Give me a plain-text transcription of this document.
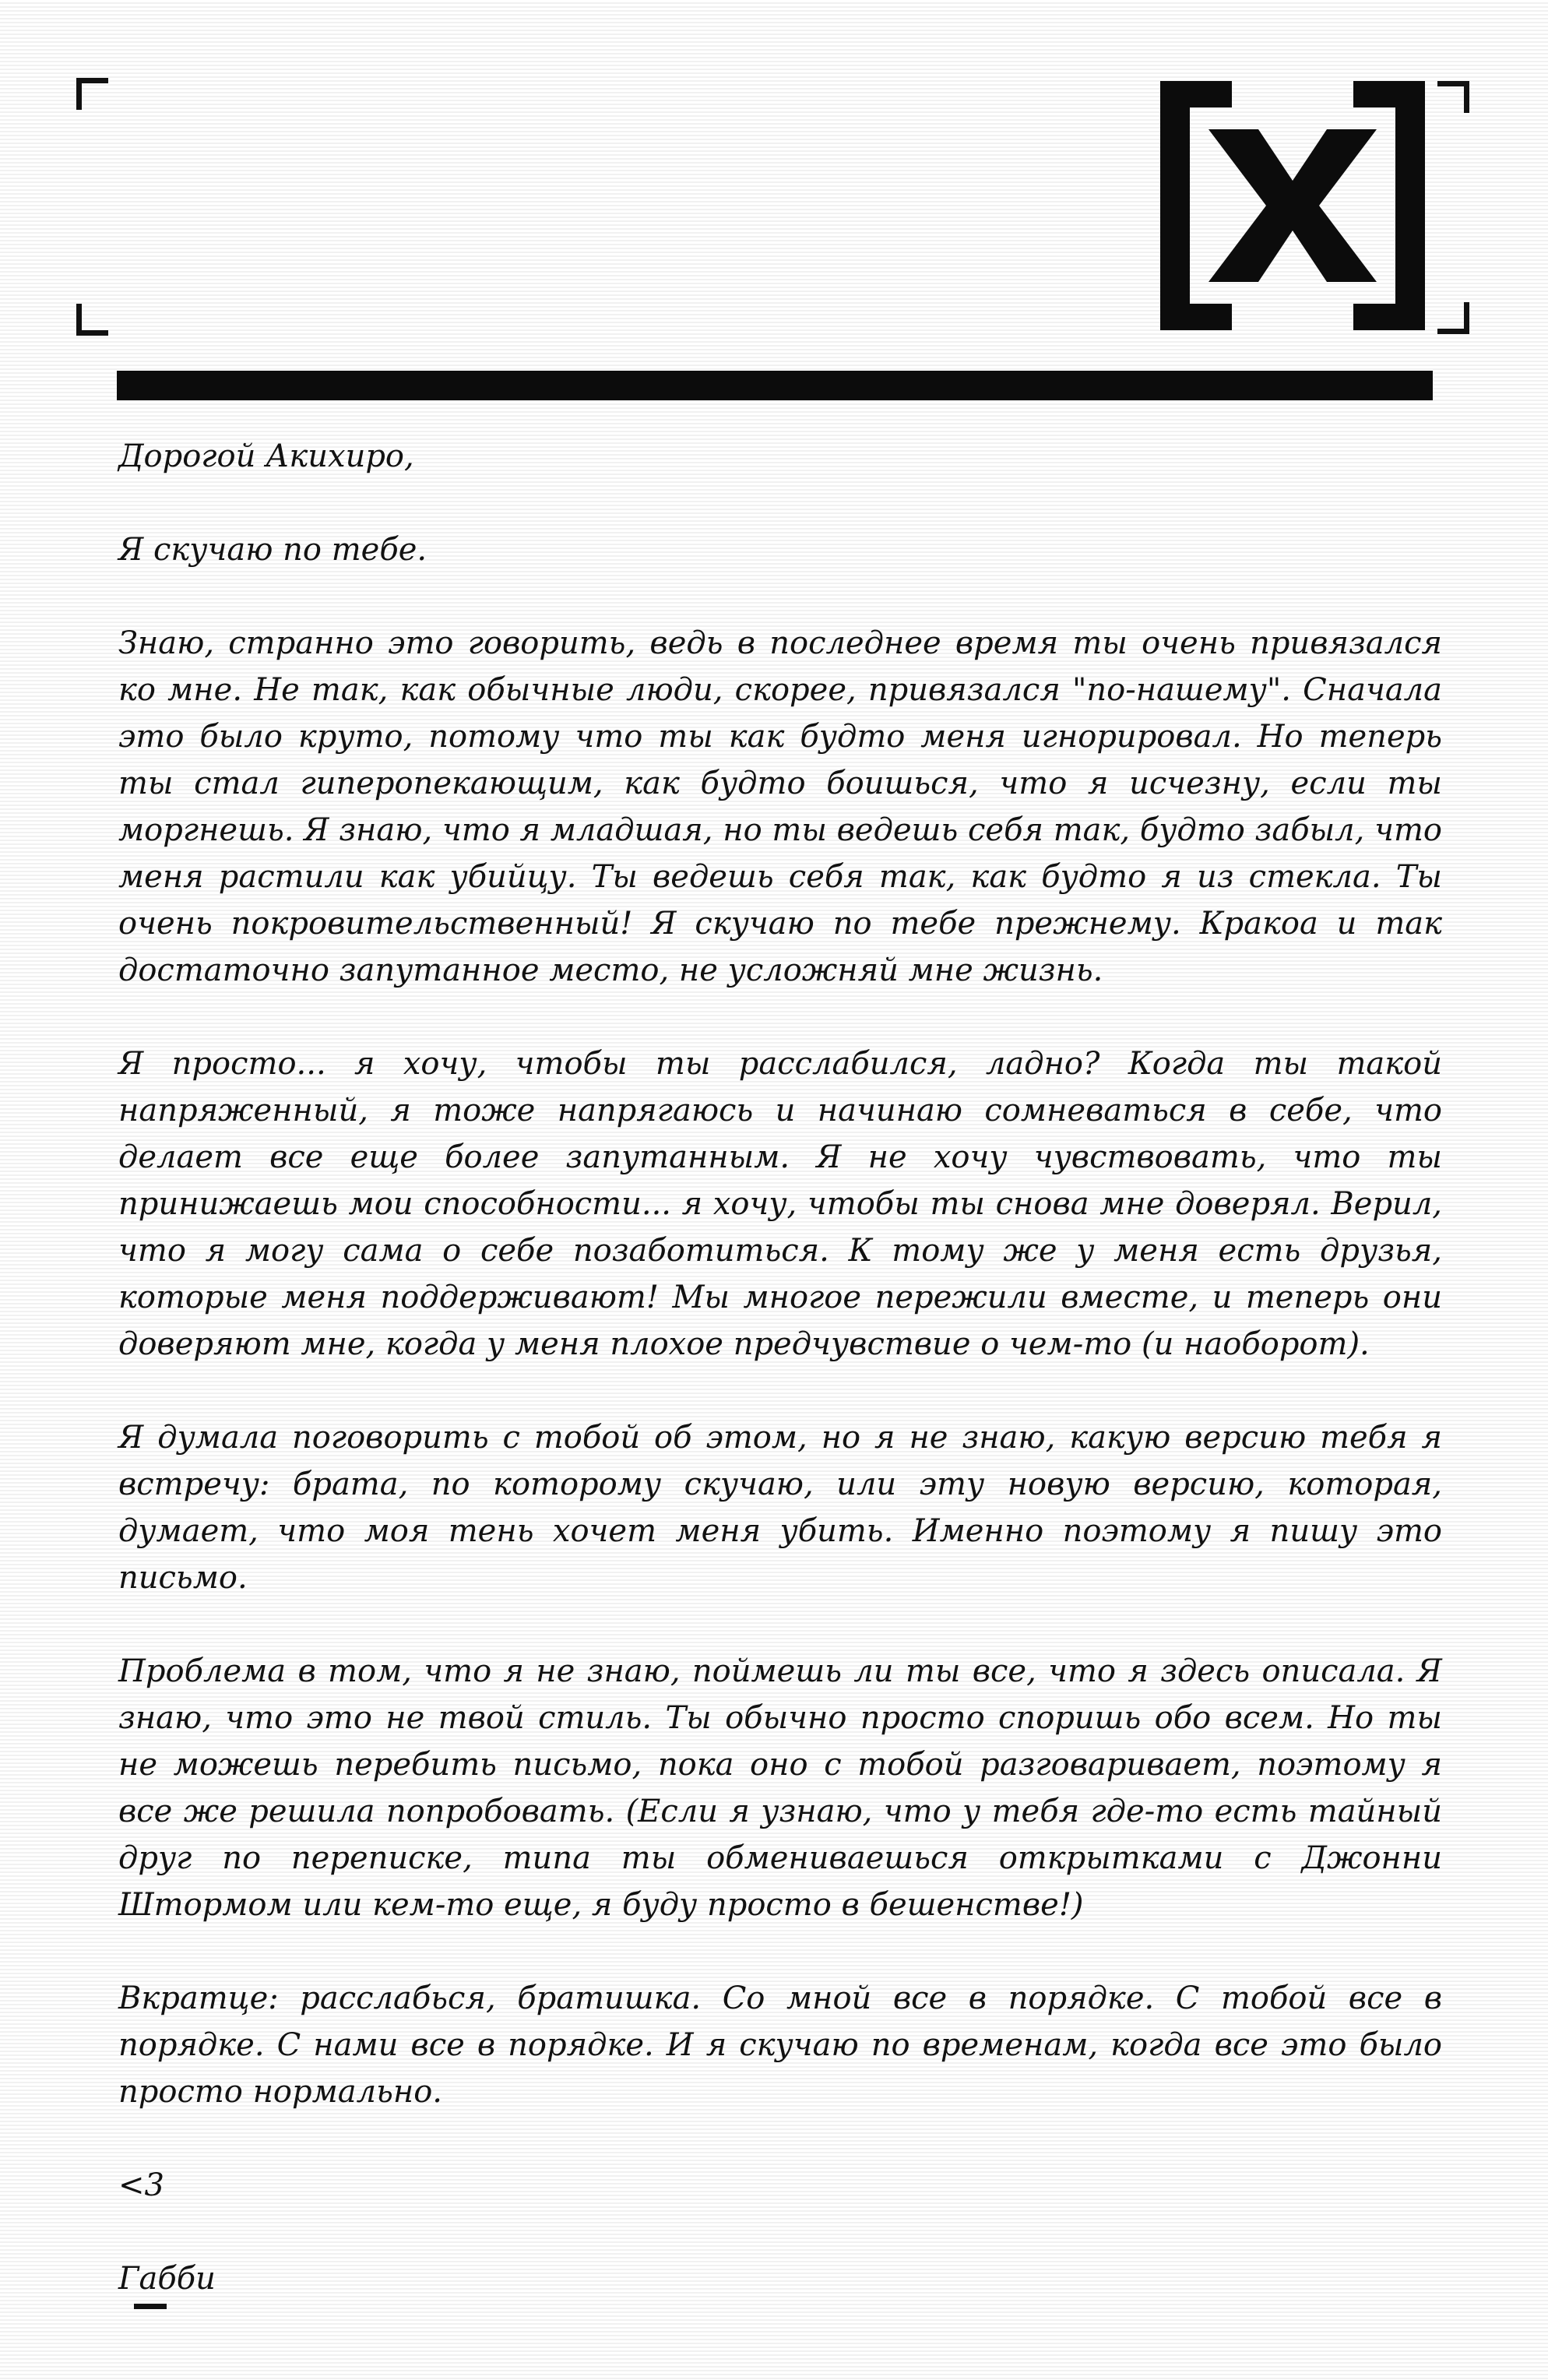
Дорогой Акихиро,

Я скучаю по тебе.

Знаю, странно это говорить, ведь в последнее время ты очень привязался ко мне. Не так, как обычные люди, скорее, привязался "по-нашему". Сначала это было круто, потому что ты как будто меня игнорировал. Но теперь ты стал гиперопекающим, как будто боишься, что я исчезну, если ты моргнешь. Я знаю, что я младшая, но ты ведешь себя так, будто забыл, что меня растили как убийцу. Ты ведешь себя так, как будто я из стекла. Ты очень покровительственный! Я скучаю по тебе прежнему. Кракоа и так достаточно запутанное место, не усложняй мне жизнь.

Я просто... я хочу, чтобы ты расслабился, ладно? Когда ты такой напряженный, я тоже напрягаюсь и начинаю сомневаться в себе, что делает все еще более запутанным. Я не хочу чувствовать, что ты принижаешь мои способности... я хочу, чтобы ты снова мне доверял. Верил, что я могу сама о себе позаботиться. К тому же у меня есть друзья, которые меня поддерживают! Мы многое пережили вместе, и теперь они доверяют мне, когда у меня плохое предчувствие о чем-то (и наоборот).

Я думала поговорить с тобой об этом, но я не знаю, какую версию тебя я встречу: брата, по которому скучаю, или эту новую версию, которая, думает, что моя тень хочет меня убить. Именно поэтому я пишу это письмо.

Проблема в том, что я не знаю, поймешь ли ты все, что я здесь описала. Я знаю, что это не твой стиль. Ты обычно просто споришь обо всем. Но ты не можешь перебить письмо, пока оно с тобой разговаривает, поэтому я все же решила попробовать. (Если я узнаю, что у тебя где-то есть тайный друг по переписке, типа ты обмениваешься открытками с Джонни Штормом или кем-то еще, я буду просто в бешенстве!)

Вкратце: расслабься, братишка. Со мной все в порядке. С тобой все в порядке. С нами все в порядке. И я скучаю по временам, когда все это было просто нормально.

<3

Габби
